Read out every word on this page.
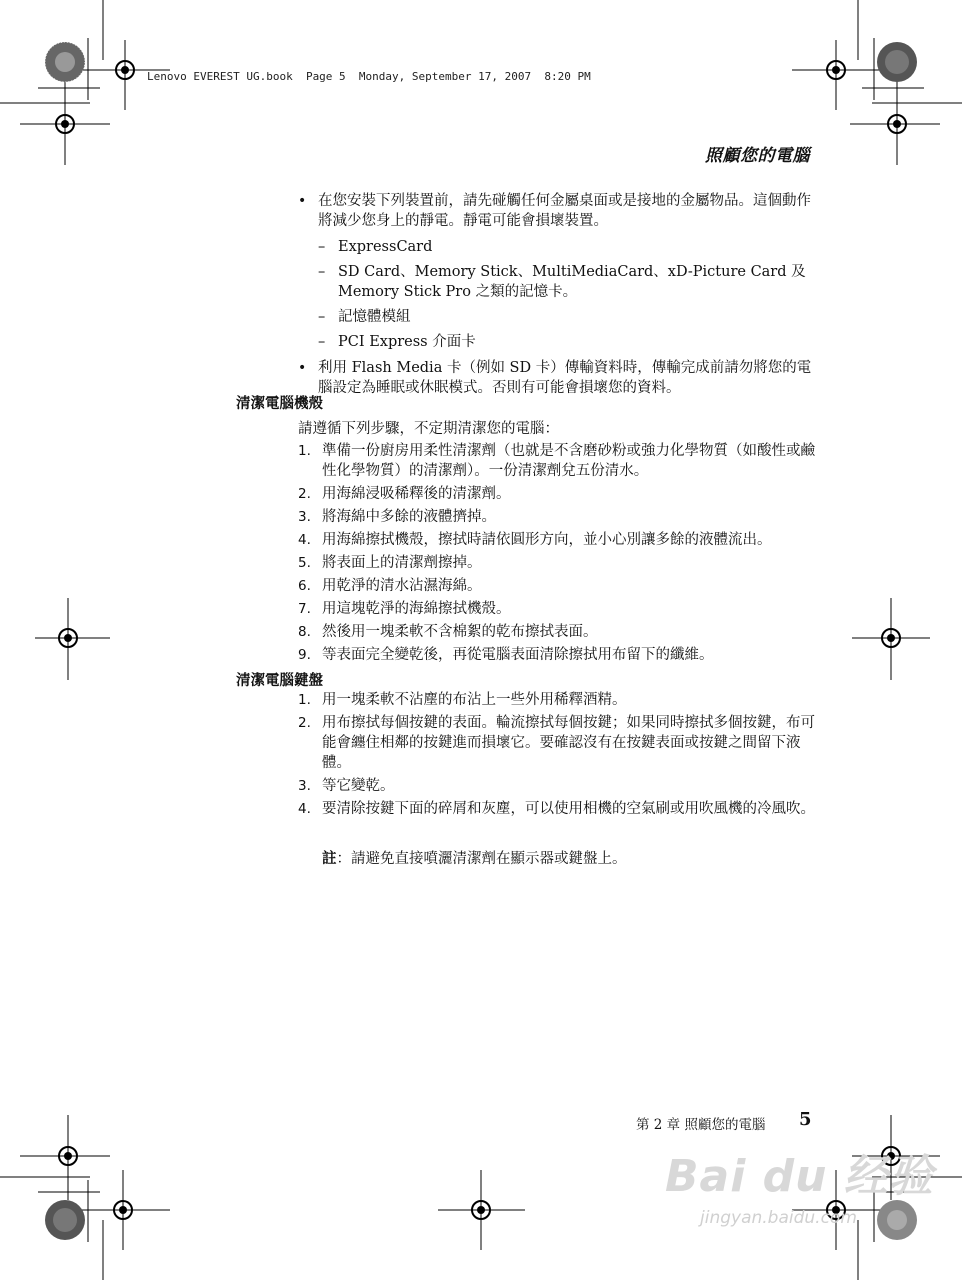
Lenovo EVEREST UG.book  Page 5  Monday, September 17, 2007  8:20 PM
照顧您的電腦
• 在您安裝下列裝置前，請先碰觸任何金屬桌面或是接地的金屬物品。這個動作將減少您身上的靜電。靜電可能會損壞裝置。
– ExpressCard
– SD Card、Memory Stick、MultiMediaCard、xD-Picture Card 及 Memory Stick Pro 之類的記憶卡。
– 記憶體模組
– PCI Express 介面卡
• 利用 Flash Media 卡（例如 SD 卡）傳輸資料時，傳輸完成前請勿將您的電腦設定為睡眠或休眠模式。否則有可能會損壞您的資料。
清潔電腦機殼
請遵循下列步驟，不定期清潔您的電腦：
1. 準備一份廚房用柔性清潔劑（也就是不含磨砂粉或強力化學物質（如酸性或鹼性化學物質）的清潔劑）。一份清潔劑兌五份清水。
2. 用海綿浸吸稀釋後的清潔劑。
3. 將海綿中多餘的液體擠掉。
4. 用海綿擦拭機殼，擦拭時請依圓形方向，並小心別讓多餘的液體流出。
5. 將表面上的清潔劑擦掉。
6. 用乾淨的清水沾濕海綿。
7. 用這塊乾淨的海綿擦拭機殼。
8. 然後用一塊柔軟不含棉絮的乾布擦拭表面。
9. 等表面完全變乾後，再從電腦表面清除擦拭用布留下的纖維。
清潔電腦鍵盤
1. 用一塊柔軟不沾塵的布沾上一些外用稀釋酒精。
2. 用布擦拭每個按鍵的表面。輪流擦拭每個按鍵；如果同時擦拭多個按鍵，布可能會纏住相鄰的按鍵進而損壞它。要確認沒有在按鍵表面或按鍵之間留下液體。
3. 等它變乾。
4. 要清除按鍵下面的碎屑和灰塵，可以使用相機的空氣刷或用吹風機的冷風吹。
註：請避免直接噴灑清潔劑在顯示器或鍵盤上。
第 2 章 照顧您的電腦 5
Bai du 经验
jingyan.baidu.com
